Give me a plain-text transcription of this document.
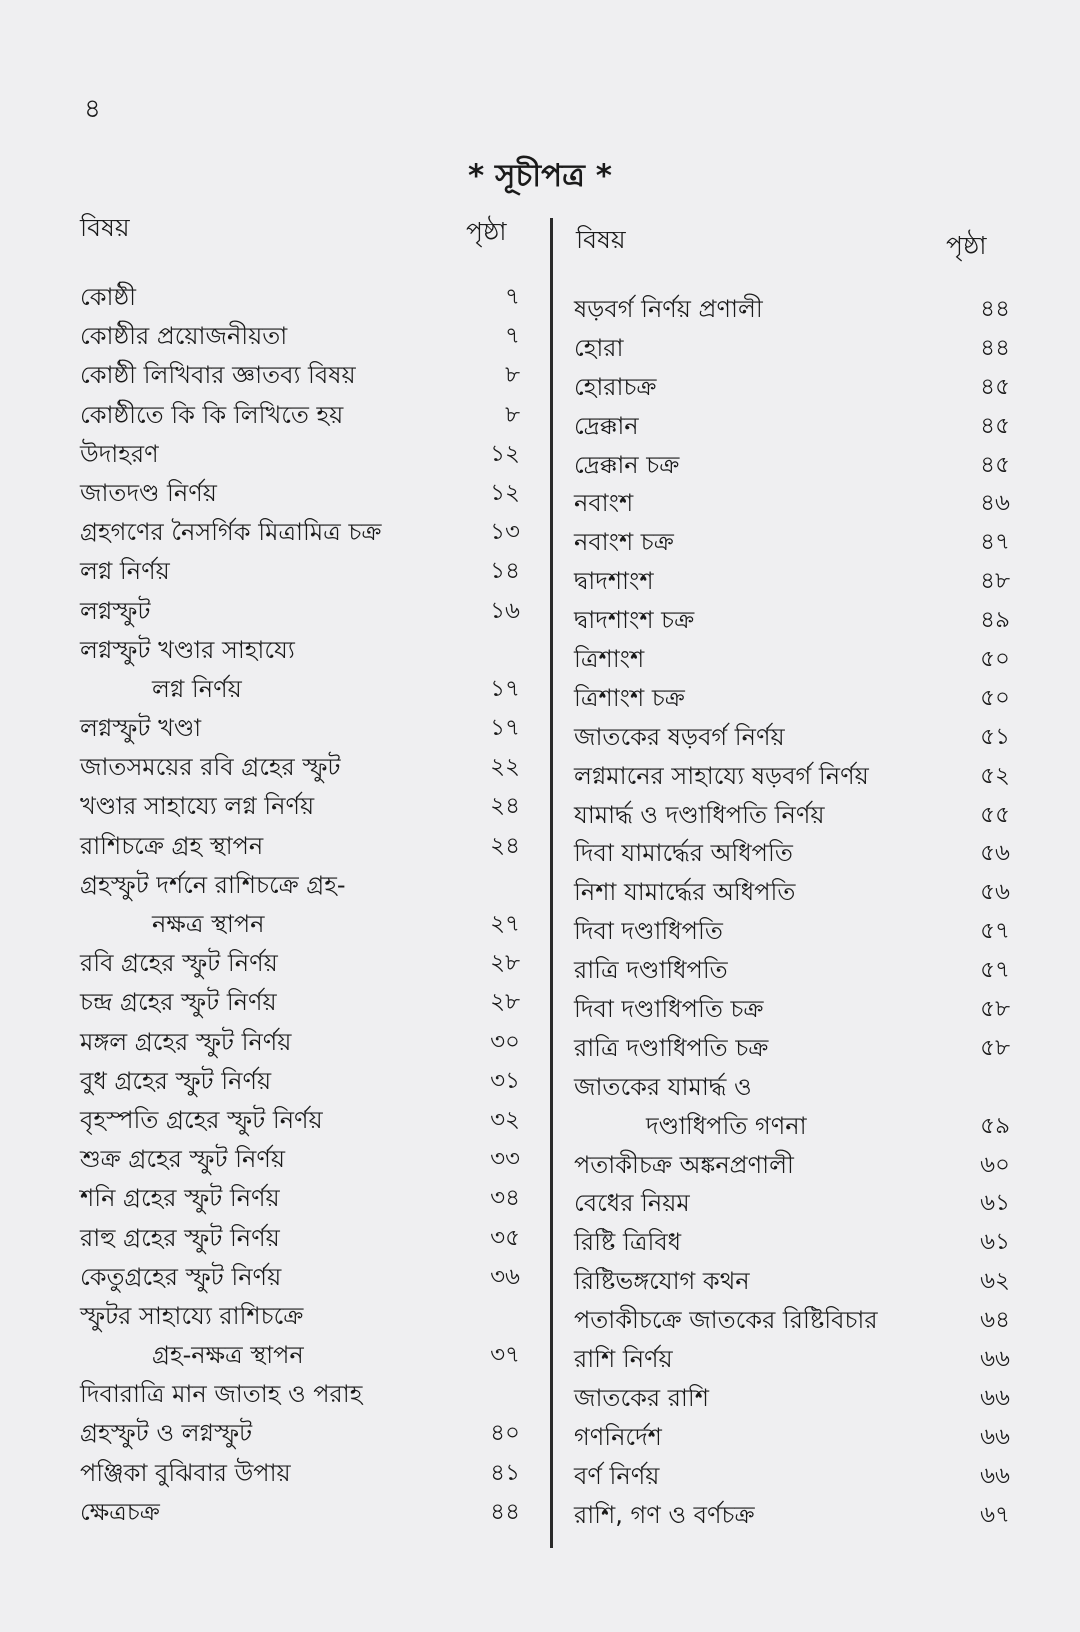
৪
* সূচীপত্র *
বিষয়	পৃষ্ঠা	বিষয়	পৃষ্ঠা
কোষ্ঠী	৭
কোষ্ঠীর প্রয়োজনীয়তা	৭
কোষ্ঠী লিখিবার জ্ঞাতব্য বিষয়	৮
কোষ্ঠীতে কি কি লিখিতে হয়	৮
উদাহরণ	১২
জাতদণ্ড নির্ণয়	১২
গ্রহগণের নৈসর্গিক মিত্রামিত্র চক্র	১৩
লগ্ন নির্ণয়	১৪
লগ্নস্ফুট	১৬
লগ্নস্ফুট খণ্ডার সাহায্যে
লগ্ন নির্ণয়	১৭
লগ্নস্ফুট খণ্ডা	১৭
জাতসময়ের রবি গ্রহের স্ফুট	২২
খণ্ডার সাহায্যে লগ্ন নির্ণয়	২৪
রাশিচক্রে গ্রহ স্থাপন	২৪
গ্রহস্ফুট দর্শনে রাশিচক্রে গ্রহ-
নক্ষত্র স্থাপন	২৭
রবি গ্রহের স্ফুট নির্ণয়	২৮
চন্দ্র গ্রহের স্ফুট নির্ণয়	২৮
মঙ্গল গ্রহের স্ফুট নির্ণয়	৩০
বুধ গ্রহের স্ফুট নির্ণয়	৩১
বৃহস্পতি গ্রহের স্ফুট নির্ণয়	৩২
শুক্র গ্রহের স্ফুট নির্ণয়	৩৩
শনি গ্রহের স্ফুট নির্ণয়	৩৪
রাহু গ্রহের স্ফুট নির্ণয়	৩৫
কেতুগ্রহের স্ফুট নির্ণয়	৩৬
স্ফুটর সাহায্যে রাশিচক্রে
গ্রহ-নক্ষত্র স্থাপন	৩৭
দিবারাত্রি মান জাতাহ ও পরাহ
গ্রহস্ফুট ও লগ্নস্ফুট	৪০
পঞ্জিকা বুঝিবার উপায়	৪১
ক্ষেত্রচক্র	৪৪
ষড়বর্গ নির্ণয় প্রণালী	৪৪
হোরা	৪৪
হোরাচক্র	৪৫
দ্রেক্কান	৪৫
দ্রেক্কান চক্র	৪৫
নবাংশ	৪৬
নবাংশ চক্র	৪৭
দ্বাদশাংশ	৪৮
দ্বাদশাংশ চক্র	৪৯
ত্রিশাংশ	৫০
ত্রিশাংশ চক্র	৫০
জাতকের ষড়বর্গ নির্ণয়	৫১
লগ্নমানের সাহায্যে ষড়বর্গ নির্ণয়	৫২
যামার্দ্ধ ও দণ্ডাধিপতি নির্ণয়	৫৫
দিবা যামার্দ্ধের অধিপতি	৫৬
নিশা যামার্দ্ধের অধিপতি	৫৬
দিবা দণ্ডাধিপতি	৫৭
রাত্রি দণ্ডাধিপতি	৫৭
দিবা দণ্ডাধিপতি চক্র	৫৮
রাত্রি দণ্ডাধিপতি চক্র	৫৮
জাতকের যামার্দ্ধ ও
দণ্ডাধিপতি গণনা	৫৯
পতাকীচক্র অঙ্কনপ্রণালী	৬০
বেধের নিয়ম	৬১
রিষ্টি ত্রিবিধ	৬১
রিষ্টিভঙ্গযোগ কথন	৬২
পতাকীচক্রে জাতকের রিষ্টিবিচার	৬৪
রাশি নির্ণয়	৬৬
জাতকের রাশি	৬৬
গণনির্দেশ	৬৬
বর্ণ নির্ণয়	৬৬
রাশি, গণ ও বর্ণচক্র	৬৭
